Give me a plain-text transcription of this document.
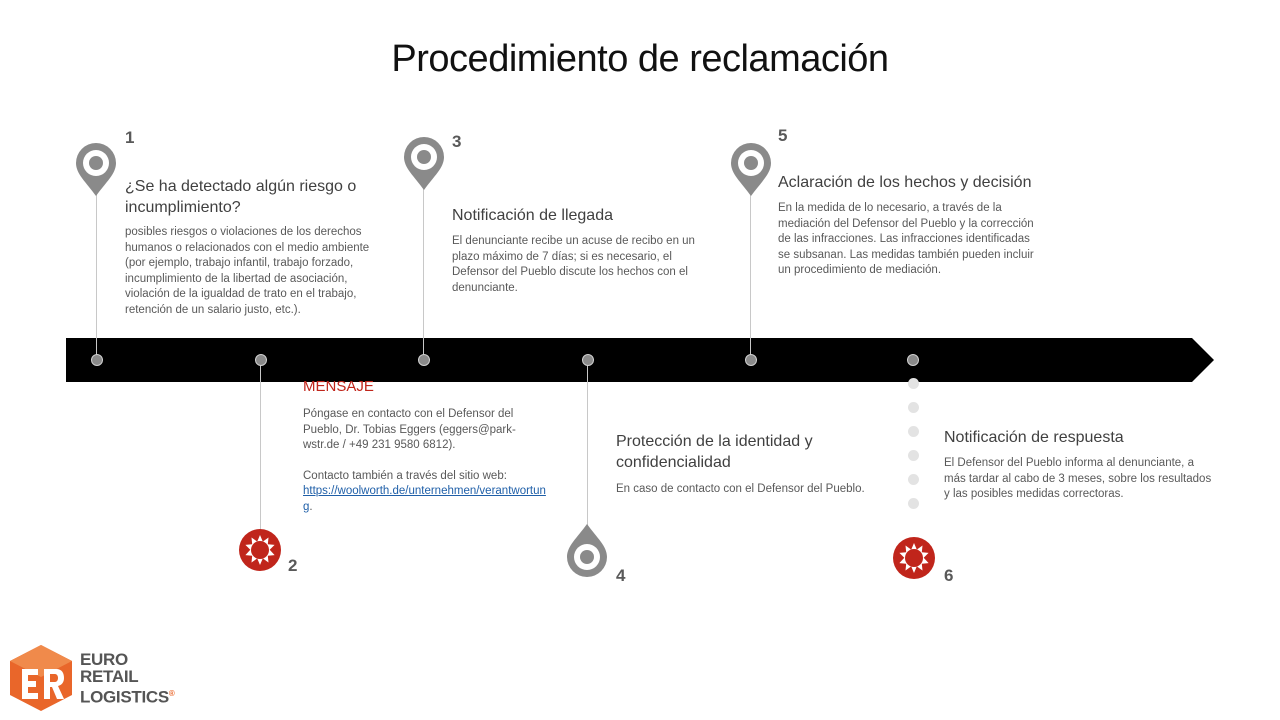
Procedimiento de reclamación
1
¿Se ha detectado algún riesgo o incumplimiento?
posibles riesgos o violaciones de los derechos humanos o relacionados con el medio ambiente (por ejemplo, trabajo infantil, trabajo forzado, incumplimiento de la libertad de asociación, violación de la igualdad de trato en el trabajo, retención de un salario justo, etc.).
2
MENSAJE
Póngase en contacto con el Defensor del Pueblo, Dr. Tobias Eggers (eggers@park-wstr.de / +49 231 9580 6812).
Contacto también a través del sitio web:
https://woolworth.de/unternehmen/verantwortung.
3
Notificación de llegada
El denunciante recibe un acuse de recibo en un plazo máximo de 7 días; si es necesario, el Defensor del Pueblo discute los hechos con el denunciante.
4
Protección de la identidad y confidencialidad
En caso de contacto con el Defensor del Pueblo.
5
Aclaración de los hechos y decisión
En la medida de lo necesario, a través de la mediación del Defensor del Pueblo y la corrección de las infracciones. Las infracciones identificadas se subsanan. Las medidas también pueden incluir un procedimiento de mediación.
6
Notificación de respuesta
El Defensor del Pueblo informa al denunciante, a más tardar al cabo de 3 meses, sobre los resultados y las posibles medidas correctoras.
EURO
RETAIL
LOGISTICS®
